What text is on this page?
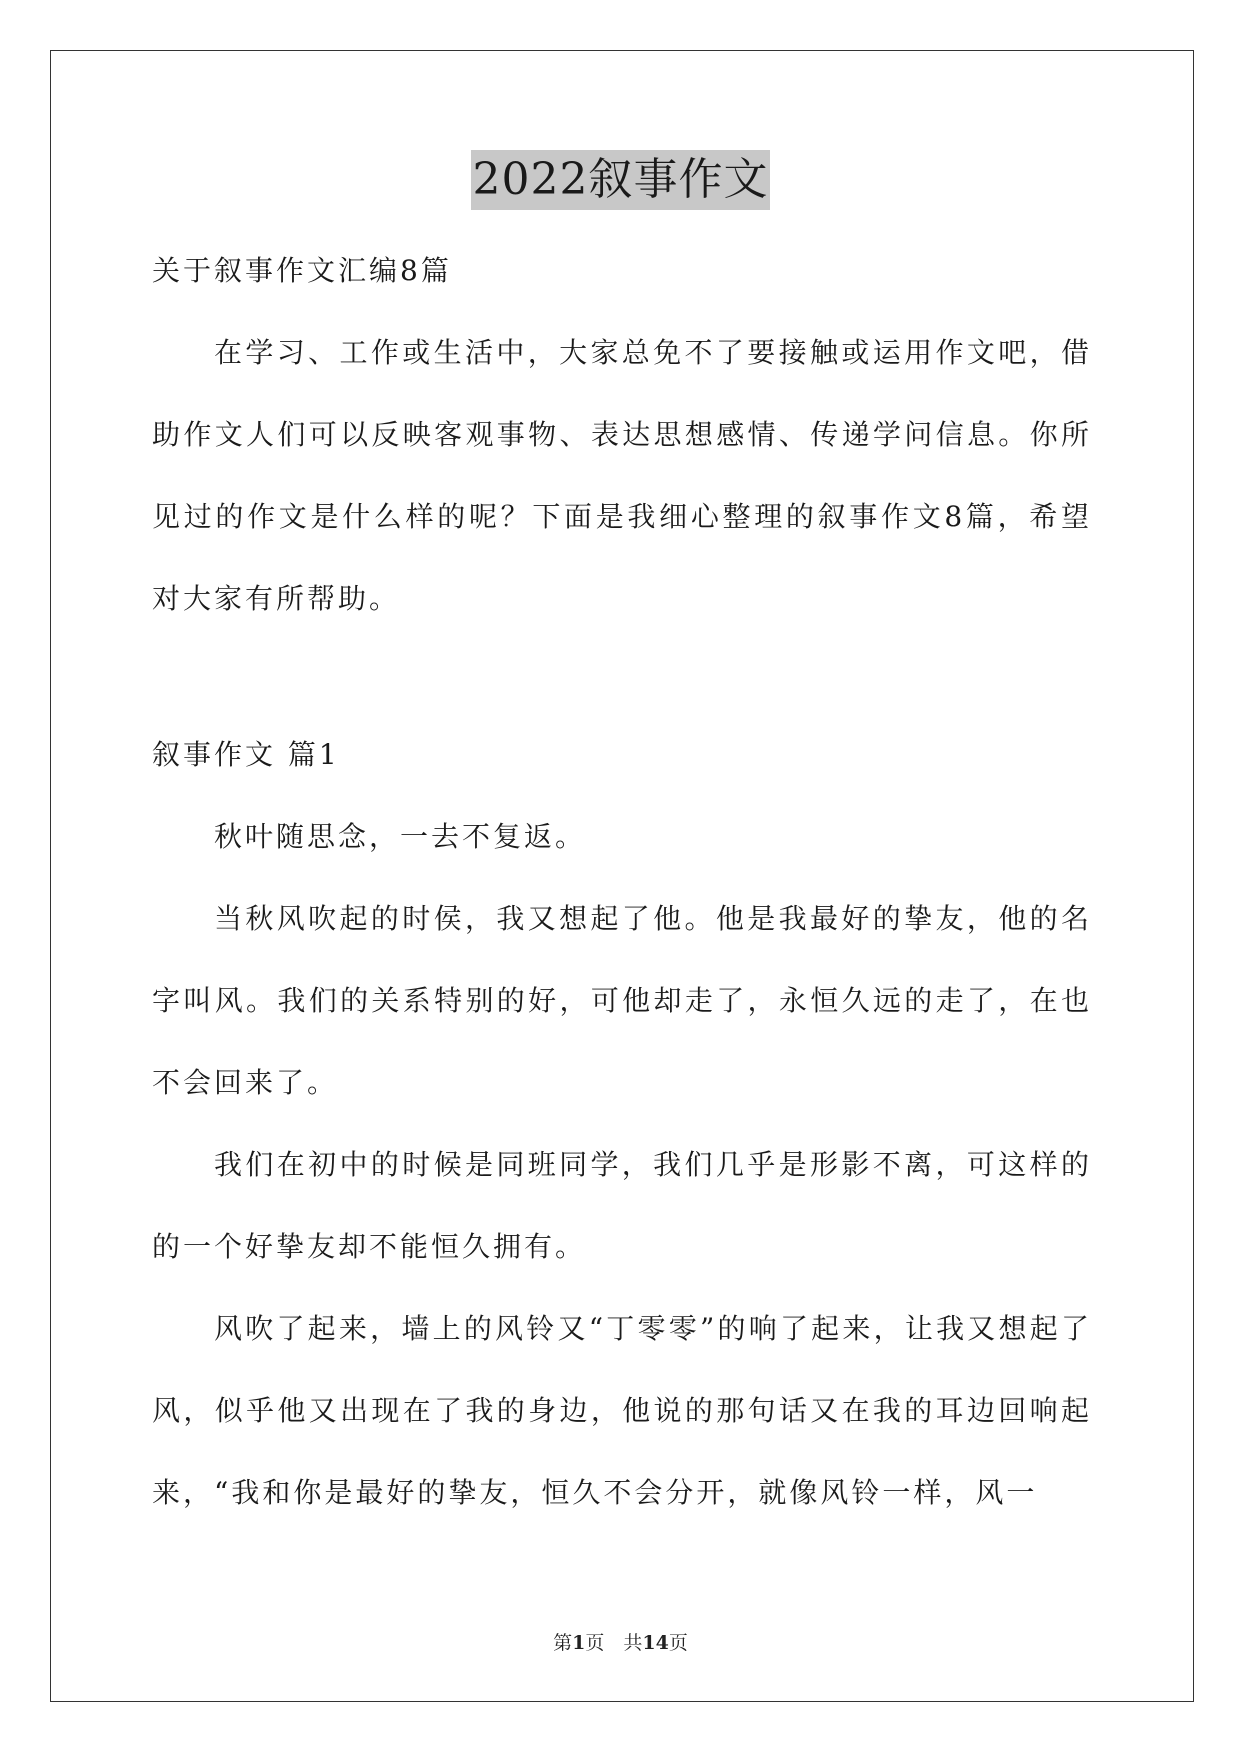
2022叙事作文

关于叙事作文汇编8篇

在学习、工作或生活中，大家总免不了要接触或运用作文吧，借助作文人们可以反映客观事物、表达思想感情、传递学问信息。你所见过的作文是什么样的呢？下面是我细心整理的叙事作文8篇，希望对大家有所帮助。

叙事作文 篇1

秋叶随思念，一去不复返。

当秋风吹起的时侯，我又想起了他。他是我最好的挚友，他的名字叫风。我们的关系特别的好，可他却走了，永恒久远的走了，在也不会回来了。

我们在初中的时候是同班同学，我们几乎是形影不离，可这样的的一个好挚友却不能恒久拥有。

风吹了起来，墙上的风铃又“丁零零”的响了起来，让我又想起了风，似乎他又出现在了我的身边，他说的那句话又在我的耳边回响起来，“我和你是最好的挚友，恒久不会分开，就像风铃一样，风一

第1页　共14页
